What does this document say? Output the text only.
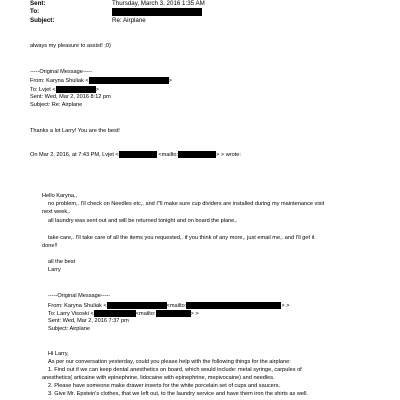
Sent:	Thursday, March 3, 2016 1:35 AM
To:
Subject:	Re: Airplane
always my pleasure to assist! ;0)
-----Original Message-----
From: Karyna Shuliak <	>
To: Lvjet <	>
Sent: Wed, Mar 2, 2016 8:12 pm
Subject: Re: Airplane
Thanks a lot Larry! You are the best!
On Mar 2, 2016, at 7:43 PM, Lvjet <	<mailto:	> > wrote:
Hello Karyna,,
no problem,. I'll check on Needles etc,. and I''ll make sure cup dividers are installed during my maintenance visit
next week,.
all laundry was sent out and will be returned tonight and on board the plane,.
take care,. I'll take care of all the items you requested,. if you think of any more,. just email me,. and I'll get it
done!!
all the best
Larry
-----Original Message-----
From: Karyna Shuliak <	<mailto:	> >
To: Larry Visoski <	<mailto:	> >
Sent: Wed, Mar 2, 2016 7:37 pm
Subject: Airplane
Hi Larry,
As per our conversation yesterday, could you please help with the following things for the airplane:
1. Find out if we can keep dental anesthetics on board, which would include: metal syringe, carpules of
anesthetics( articaine with epinephrine, lidocaine with epinephrine, mepivocaine) and needles.
2. Please have someone make drawer inserts for the white porcelain set of cups and saucers.
3. Give Mr. Epstein's clothes, that we left out, to the laundry service and have them iron the shirts as well.
